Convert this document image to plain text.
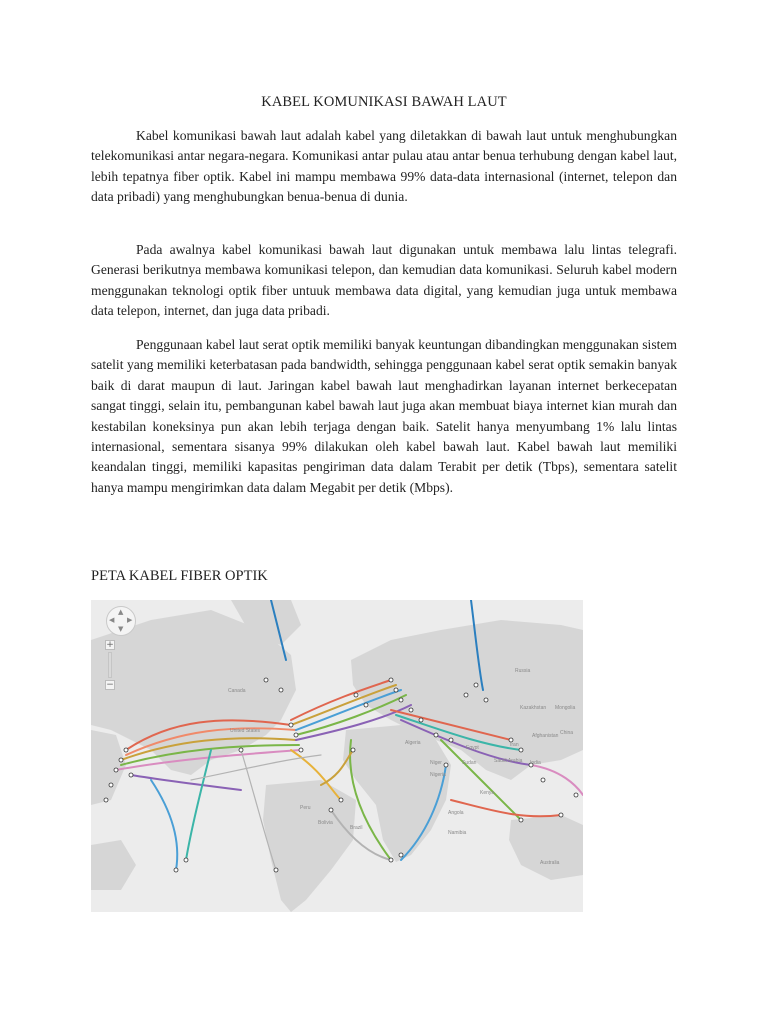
KABEL KOMUNIKASI BAWAH LAUT

Kabel komunikasi bawah laut adalah kabel yang diletakkan di bawah laut untuk menghubungkan telekomunikasi antar negara-negara. Komunikasi antar pulau atau antar benua terhubung dengan kabel laut, lebih tepatnya fiber optik. Kabel ini mampu membawa 99% data-data internasional (internet, telepon dan data pribadi) yang menghubungkan benua-benua di dunia.

Pada awalnya kabel komunikasi bawah laut digunakan untuk membawa lalu lintas telegrafi. Generasi berikutnya membawa komunikasi telepon, dan kemudian data komunikasi. Seluruh kabel modern menggunakan teknologi optik fiber untuuk membawa data digital, yang kemudian juga untuk membawa data telepon, internet, dan juga data pribadi.

Penggunaan kabel laut serat optik memiliki banyak keuntungan dibandingkan menggunakan sistem satelit yang memiliki keterbatasan pada bandwidth, sehingga penggunaan kabel serat optik semakin banyak baik di darat maupun di laut. Jaringan kabel bawah laut menghadirkan layanan internet berkecepatan sangat tinggi, selain itu, pembangunan kabel bawah laut juga akan membuat biaya internet kian murah dan kestabilan koneksinya pun akan lebih terjaga dengan baik. Satelit hanya menyumbang 1% lalu lintas internasional, sementara sisanya 99% dilakukan oleh kabel bawah laut. Kabel bawah laut memiliki keandalan tinggi, memiliki kapasitas pengiriman data dalam Terabit per detik (Tbps), sementara satelit hanya mampu mengirimkan data dalam Megabit per detik (Mbps).

PETA KABEL FIBER OPTIK
Canada
United States
Brazil
Russia
China
India
Australia
Algeria
Niger
Nigeria
Sudan
Kenya
Angola
Namibia
Mongolia
Afghanistan
Iran
Saudi Arabia
Egypt
Peru
Bolivia
Kazakhstan
▲
▼
◀ ▶
+
−
